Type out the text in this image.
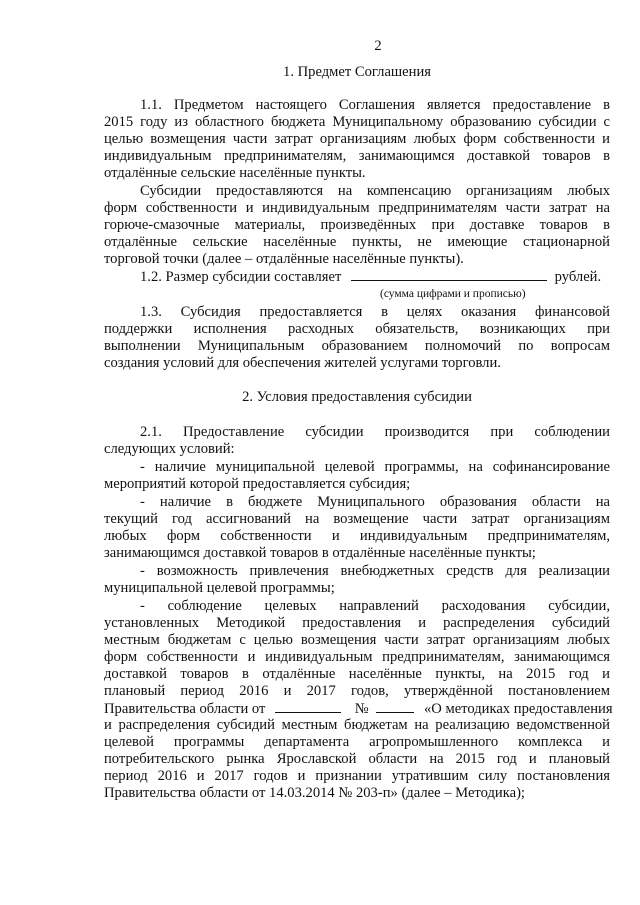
2
1. Предмет Соглашения
1.1. Предметом настоящего Соглашения является предоставление в
2015 году из областного бюджета Муниципальному образованию субсидии с
целью возмещения части затрат организациям любых форм собственности и
индивидуальным предпринимателям, занимающимся доставкой товаров в
отдалённые сельские населённые пункты.
Субсидии предоставляются на компенсацию организациям любых
форм собственности и индивидуальным предпринимателям части затрат на
горюче-смазочные материалы, произведённых при доставке товаров в
отдалённые сельские населённые пункты, не имеющие стационарной
торговой точки (далее – отдалённые населённые пункты).
1.2. Размер субсидии составляет	рублей.
(сумма цифрами и прописью)
1.3. Субсидия предоставляется в целях оказания финансовой
поддержки исполнения расходных обязательств, возникающих при
выполнении Муниципальным образованием полномочий по вопросам
создания условий для обеспечения жителей услугами торговли.
2. Условия предоставления субсидии
2.1. Предоставление субсидии производится при соблюдении
следующих условий:
- наличие муниципальной целевой программы, на софинансирование
мероприятий которой предоставляется субсидия;
- наличие в бюджете Муниципального образования области на
текущий год ассигнований на возмещение части затрат организациям
любых форм собственности и индивидуальным предпринимателям,
занимающимся доставкой товаров в отдалённые населённые пункты;
- возможность привлечения внебюджетных средств для реализации
муниципальной целевой программы;
- соблюдение целевых направлений расходования субсидии,
установленных Методикой предоставления и распределения субсидий
местным бюджетам с целью возмещения части затрат организациям любых
форм собственности и индивидуальным предпринимателям, занимающимся
доставкой товаров в отдалённые населённые пункты, на 2015 год и
плановый период 2016 и 2017 годов, утверждённой постановлением
Правительства области от	№	«О методиках предоставления
и распределения субсидий местным бюджетам на реализацию ведомственной
целевой программы департамента агропромышленного комплекса и
потребительского рынка Ярославской области на 2015 год и плановый
период 2016 и 2017 годов и признании утратившим силу постановления
Правительства области от 14.03.2014 № 203-п» (далее – Методика);
